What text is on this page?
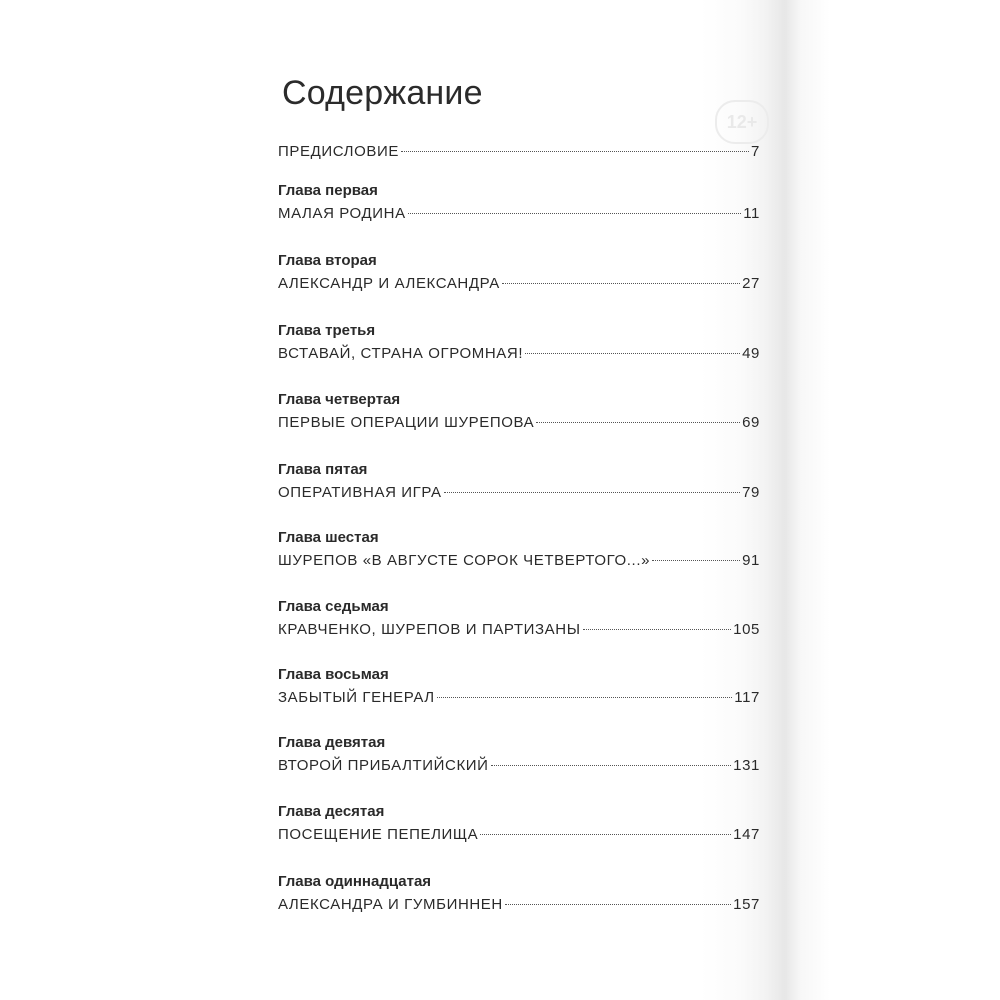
Содержание
12+
ПРЕДИСЛОВИЕ	7
Глава первая
МАЛАЯ РОДИНА	11
Глава вторая
АЛЕКСАНДР И АЛЕКСАНДРА	27
Глава третья
ВСТАВАЙ, СТРАНА ОГРОМНАЯ!	49
Глава четвертая
ПЕРВЫЕ ОПЕРАЦИИ ШУРЕПОВА	69
Глава пятая
ОПЕРАТИВНАЯ ИГРА	79
Глава шестая
ШУРЕПОВ «В АВГУСТЕ СОРОК ЧЕТВЕРТОГО...»	91
Глава седьмая
КРАВЧЕНКО, ШУРЕПОВ И ПАРТИЗАНЫ	105
Глава восьмая
ЗАБЫТЫЙ ГЕНЕРАЛ	117
Глава девятая
ВТОРОЙ ПРИБАЛТИЙСКИЙ	131
Глава десятая
ПОСЕЩЕНИЕ ПЕПЕЛИЩА	147
Глава одиннадцатая
АЛЕКСАНДРА И ГУМБИННЕН	157
